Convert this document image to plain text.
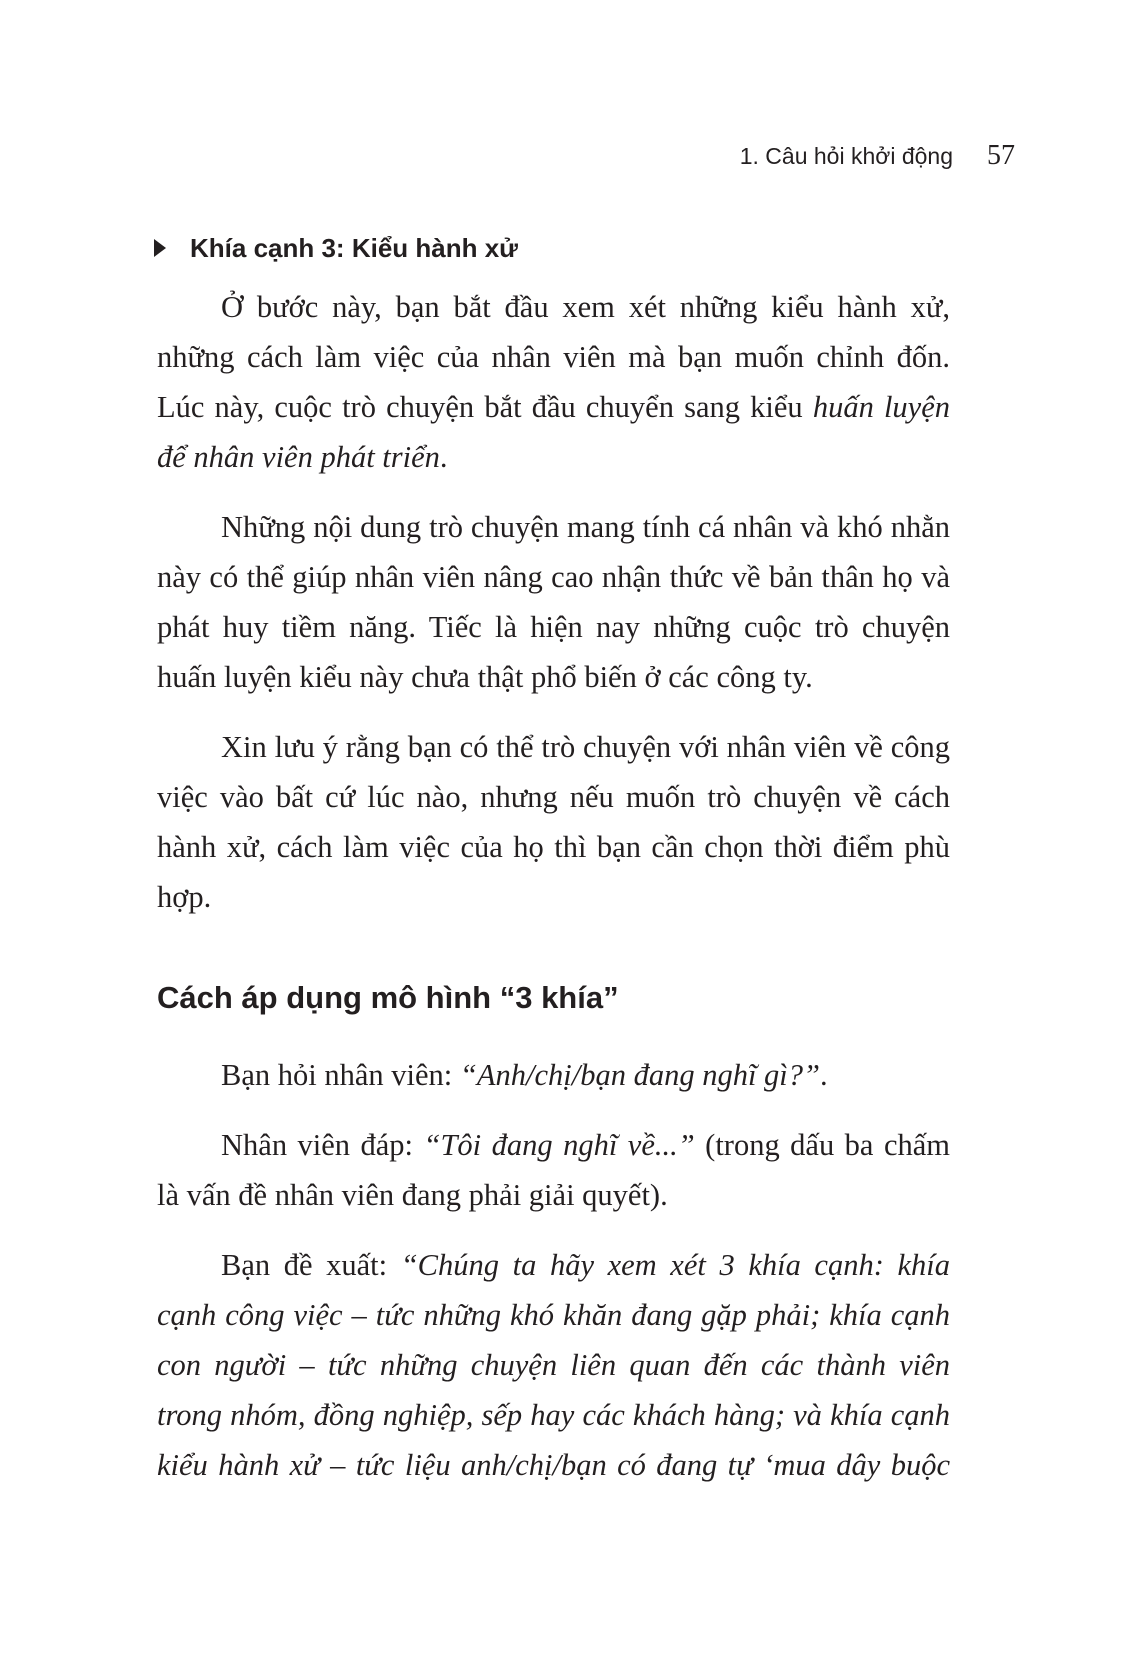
1. Câu hỏi khởi động 57
Khía cạnh 3: Kiểu hành xử

Ở bước này, bạn bắt đầu xem xét những kiểu hành xử, những cách làm việc của nhân viên mà bạn muốn chỉnh đốn. Lúc này, cuộc trò chuyện bắt đầu chuyển sang kiểu huấn luyện để nhân viên phát triển.

Những nội dung trò chuyện mang tính cá nhân và khó nhằn này có thể giúp nhân viên nâng cao nhận thức về bản thân họ và phát huy tiềm năng. Tiếc là hiện nay những cuộc trò chuyện huấn luyện kiểu này chưa thật phổ biến ở các công ty.

Xin lưu ý rằng bạn có thể trò chuyện với nhân viên về công việc vào bất cứ lúc nào, nhưng nếu muốn trò chuyện về cách hành xử, cách làm việc của họ thì bạn cần chọn thời điểm phù hợp.

Cách áp dụng mô hình “3 khía”

Bạn hỏi nhân viên: “Anh/chị/bạn đang nghĩ gì?”.

Nhân viên đáp: “Tôi đang nghĩ về...” (trong dấu ba chấm là vấn đề nhân viên đang phải giải quyết).

Bạn đề xuất: “Chúng ta hãy xem xét 3 khía cạnh: khía cạnh công việc – tức những khó khăn đang gặp phải; khía cạnh con người – tức những chuyện liên quan đến các thành viên trong nhóm, đồng nghiệp, sếp hay các khách hàng; và khía cạnh kiểu hành xử – tức liệu anh/chị/bạn có đang tự ‘mua dây buộc
